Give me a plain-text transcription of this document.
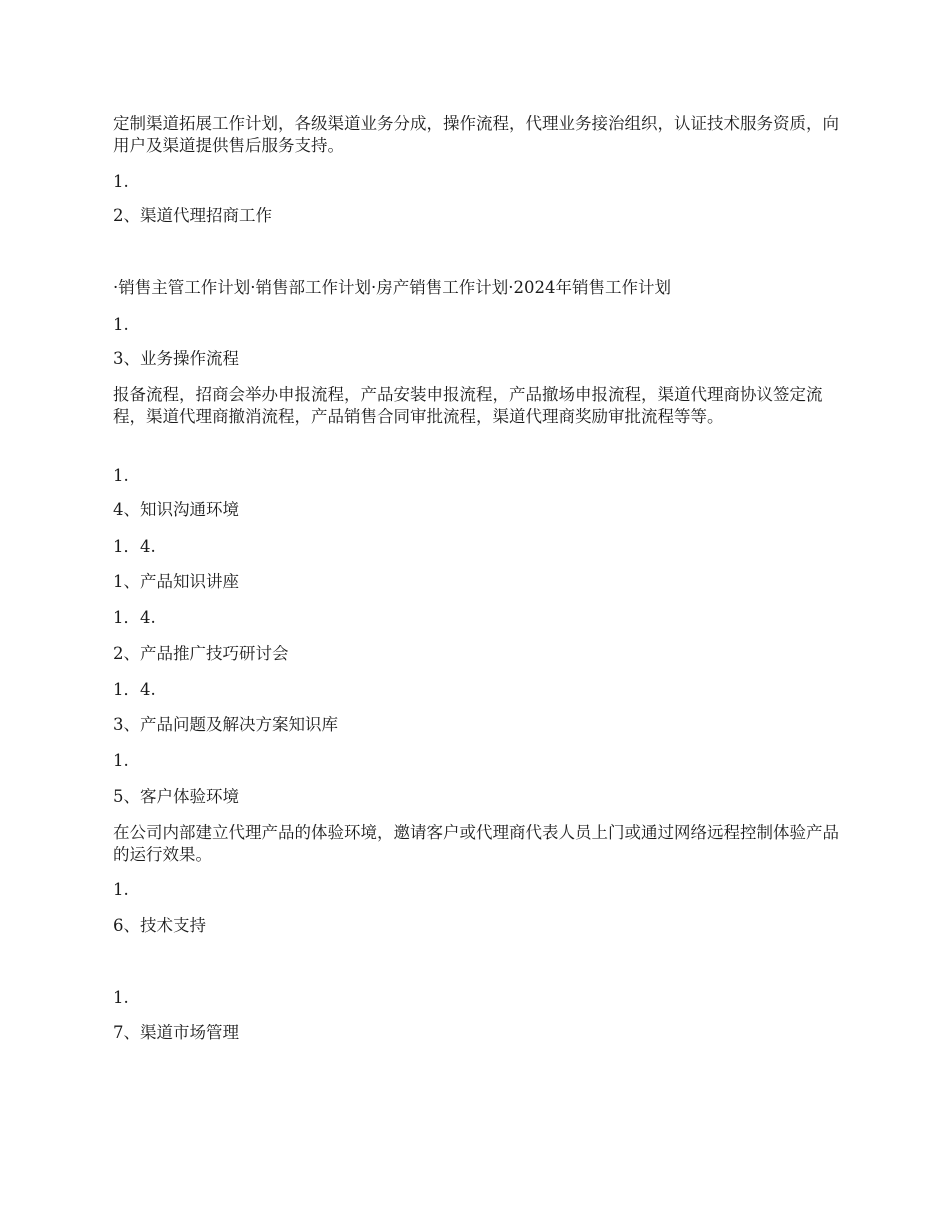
定制渠道拓展工作计划，各级渠道业务分成，操作流程，代理业务接治组织，认证技术服务资质，向用户及渠道提供售后服务支持。

1.

2、渠道代理招商工作

·销售主管工作计划·销售部工作计划·房产销售工作计划·2024年销售工作计划

1.

3、业务操作流程

报备流程，招商会举办申报流程，产品安装申报流程，产品撤场申报流程，渠道代理商协议签定流程，渠道代理商撤消流程，产品销售合同审批流程，渠道代理商奖励审批流程等等。

1.

4、知识沟通环境

1．4.

1、产品知识讲座

1．4.

2、产品推广技巧研讨会

1．4.

3、产品问题及解决方案知识库

1.

5、客户体验环境

在公司内部建立代理产品的体验环境，邀请客户或代理商代表人员上门或通过网络远程控制体验产品的运行效果。

1.

6、技术支持

1.

7、渠道市场管理
